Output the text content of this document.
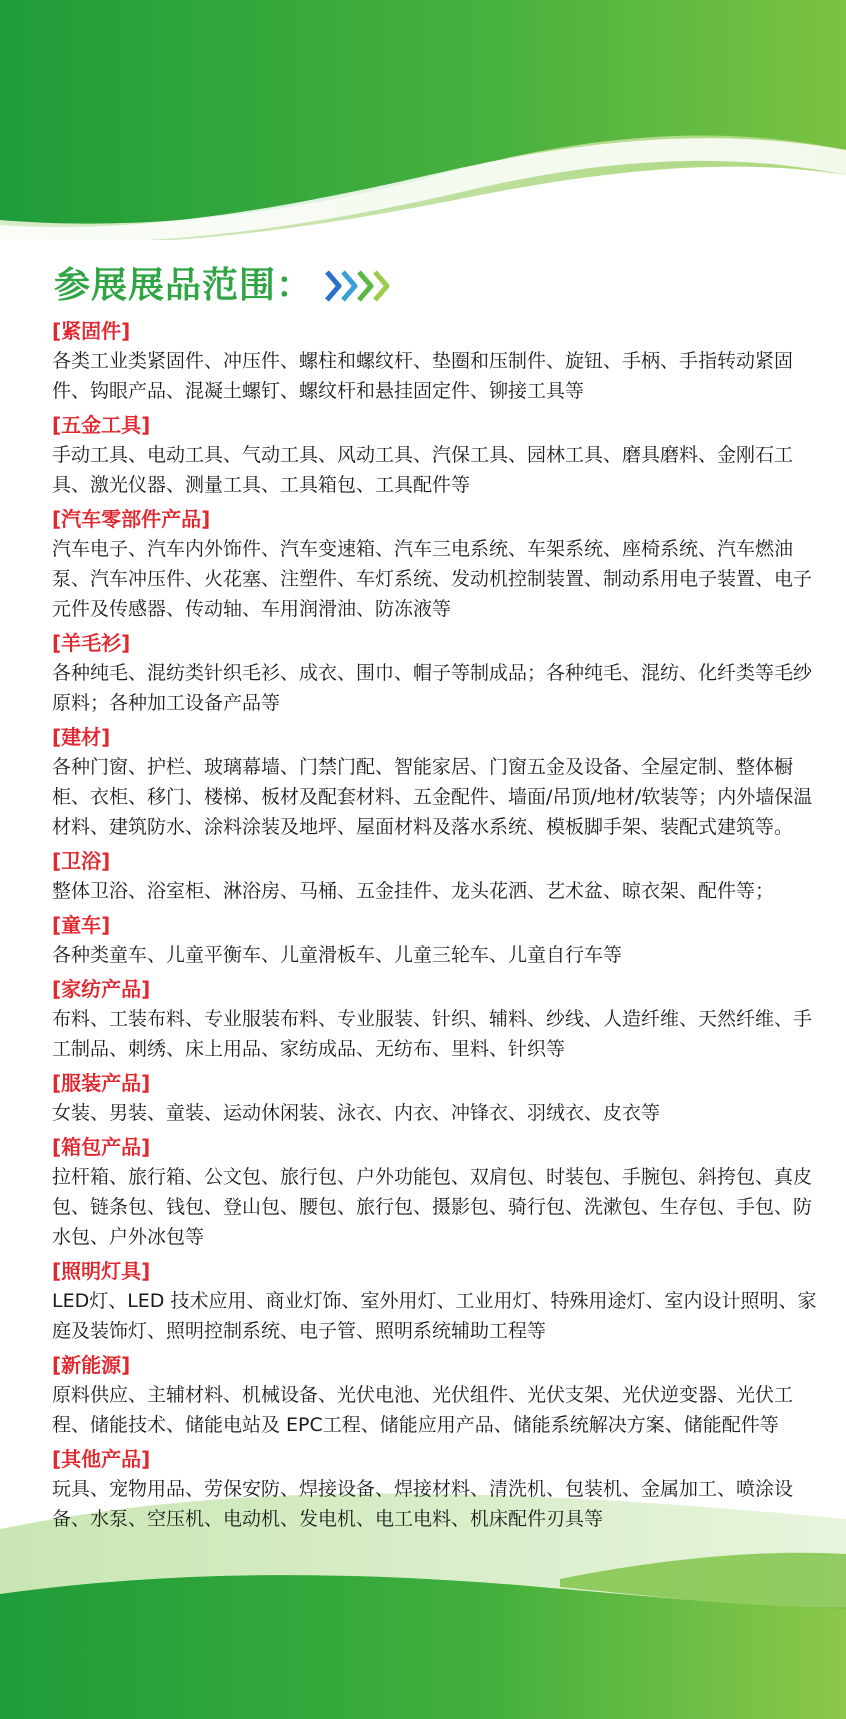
参展展品范围：
[紧固件]
各类工业类紧固件、冲压件、螺柱和螺纹杆、垫圈和压制件、旋钮、手柄、手指转动紧固件、钩眼产品、混凝土螺钉、螺纹杆和悬挂固定件、铆接工具等
[五金工具]
手动工具、电动工具、气动工具、风动工具、汽保工具、园林工具、磨具磨料、金刚石工具、激光仪器、测量工具、工具箱包、工具配件等
[汽车零部件产品]
汽车电子、汽车内外饰件、汽车变速箱、汽车三电系统、车架系统、座椅系统、汽车燃油泵、汽车冲压件、火花塞、注塑件、车灯系统、发动机控制装置、制动系用电子装置、电子元件及传感器、传动轴、车用润滑油、防冻液等
[羊毛衫]
各种纯毛、混纺类针织毛衫、成衣、围巾、帽子等制成品；各种纯毛、混纺、化纤类等毛纱原料；各种加工设备产品等
[建材]
各种门窗、护栏、玻璃幕墙、门禁门配、智能家居、门窗五金及设备、全屋定制、整体橱柜、衣柜、移门、楼梯、板材及配套材料、五金配件、墙面/吊顶/地材/软装等；内外墙保温材料、建筑防水、涂料涂装及地坪、屋面材料及落水系统、模板脚手架、装配式建筑等。
[卫浴]
整体卫浴、浴室柜、淋浴房、马桶、五金挂件、龙头花洒、艺术盆、晾衣架、配件等；
[童车]
各种类童车、儿童平衡车、儿童滑板车、儿童三轮车、儿童自行车等
[家纺产品]
布料、工装布料、专业服装布料、专业服装、针织、辅料、纱线、人造纤维、天然纤维、手工制品、刺绣、床上用品、家纺成品、无纺布、里料、针织等
[服装产品]
女装、男装、童装、运动休闲装、泳衣、内衣、冲锋衣、羽绒衣、皮衣等
[箱包产品]
拉杆箱、旅行箱、公文包、旅行包、户外功能包、双肩包、时装包、手腕包、斜挎包、真皮包、链条包、钱包、登山包、腰包、旅行包、摄影包、骑行包、洗漱包、生存包、手包、防水包、户外冰包等
[照明灯具]
LED灯、LED 技术应用、商业灯饰、室外用灯、工业用灯、特殊用途灯、室内设计照明、家庭及装饰灯、照明控制系统、电子管、照明系统辅助工程等
[新能源]
原料供应、主辅材料、机械设备、光伏电池、光伏组件、光伏支架、光伏逆变器、光伏工程、储能技术、储能电站及 EPC工程、储能应用产品、储能系统解决方案、储能配件等
[其他产品]
玩具、宠物用品、劳保安防、焊接设备、焊接材料、清洗机、包装机、金属加工、喷涂设备、水泵、空压机、电动机、发电机、电工电料、机床配件刃具等
